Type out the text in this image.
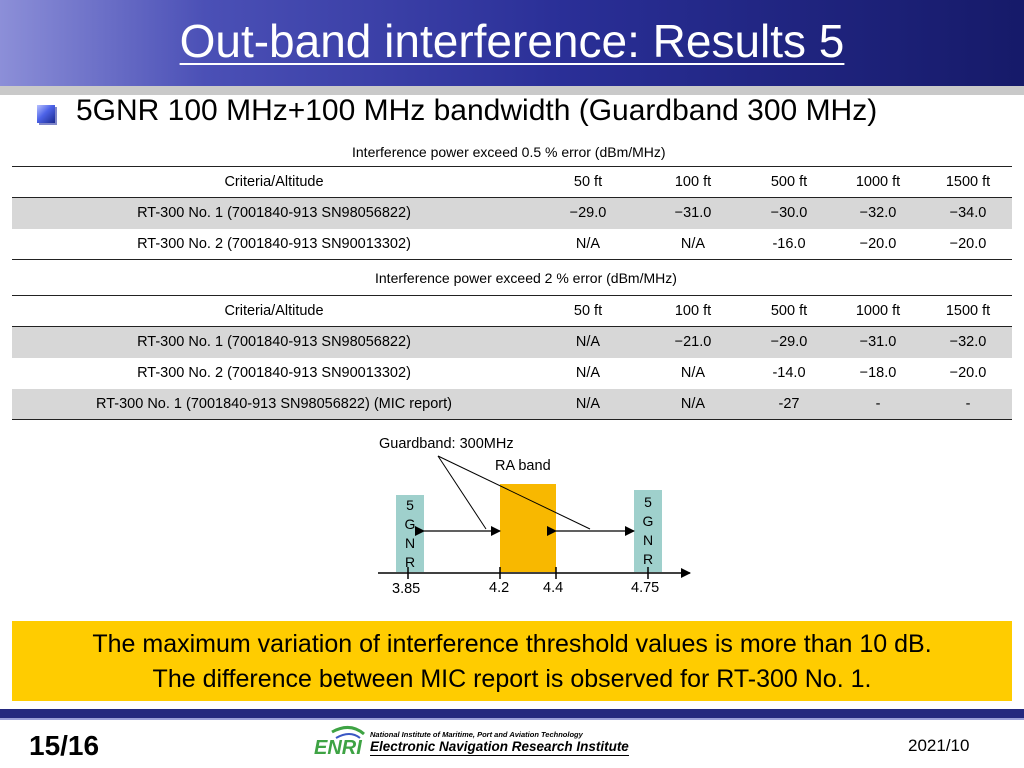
Out-band interference: Results 5
5GNR 100 MHz+100 MHz bandwidth (Guardband 300 MHz)
Interference power exceed 0.5 % error (dBm/MHz)
Criteria/Altitude	50 ft	100 ft	500 ft	1000 ft	1500 ft
RT-300 No. 1 (7001840-913 SN98056822)	−29.0	−31.0	−30.0	−32.0	−34.0
RT-300 No. 2 (7001840-913 SN90013302)	N/A	N/A	-16.0	−20.0	−20.0
Interference power exceed 2 % error (dBm/MHz)
Criteria/Altitude	50 ft	100 ft	500 ft	1000 ft	1500 ft
RT-300 No. 1 (7001840-913 SN98056822)	N/A	−21.0	−29.0	−31.0	−32.0
RT-300 No. 2 (7001840-913 SN90013302)	N/A	N/A	-14.0	−18.0	−20.0
RT-300 No. 1 (7001840-913 SN98056822) (MIC report)	N/A	N/A	-27	-	-
Guardband: 300MHz
RA band
5
G
N
R
5
G
N
R
3.85	4.2 4.4	4.75
The maximum variation of interference threshold values is more than 10 dB.
The difference between MIC report is observed for RT-300 No. 1.
15/16	ENRI
National Institute of Maritime, Port and Aviation Technology
Electronic Navigation Research Institute	2021/10
